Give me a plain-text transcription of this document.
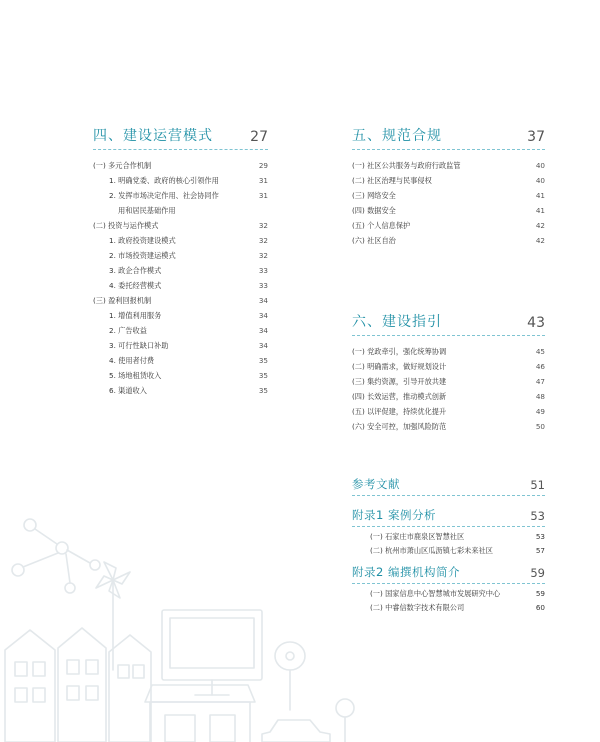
四、建设运营模式	27
(一) 多元合作机制	29
1. 明确党委、政府的核心引领作用	31
2. 发挥市场决定作用、社会协同作	31
用和居民基础作用
(二) 投资与运作模式	32
1. 政府投资建设模式	32
2. 市场投资建运模式	32
3. 政企合作模式	33
4. 委托经营模式	33
(三) 盈利回报机制	34
1. 增值利用服务	34
2. 广告收益	34
3. 可行性缺口补助	34
4. 使用者付费	35
5. 场地租赁收入	35
6. 渠道收入	35
五、规范合规	37
(一) 社区公共服务与政府行政监管	40
(二) 社区治理与民事侵权	40
(三) 网络安全	41
(四) 数据安全	41
(五) 个人信息保护	42
(六) 社区自治	42
六、建设指引	43
(一) 党政牵引，强化统筹协调	45
(二) 明确需求，做好规划设计	46
(三) 集约资源，引导开放共建	47
(四) 长效运营，推动模式创新	48
(五) 以评促建，持续优化提升	49
(六) 安全可控，加强风险防范	50
参考文献	51
附录1 案例分析	53
(一) 石家庄市鹿泉区智慧社区	53
(二) 杭州市萧山区瓜沥镇七彩未来社区	57
附录2 编撰机构简介	59
(一) 国家信息中心智慧城市发展研究中心	59
(二) 中睿信数字技术有限公司	60
